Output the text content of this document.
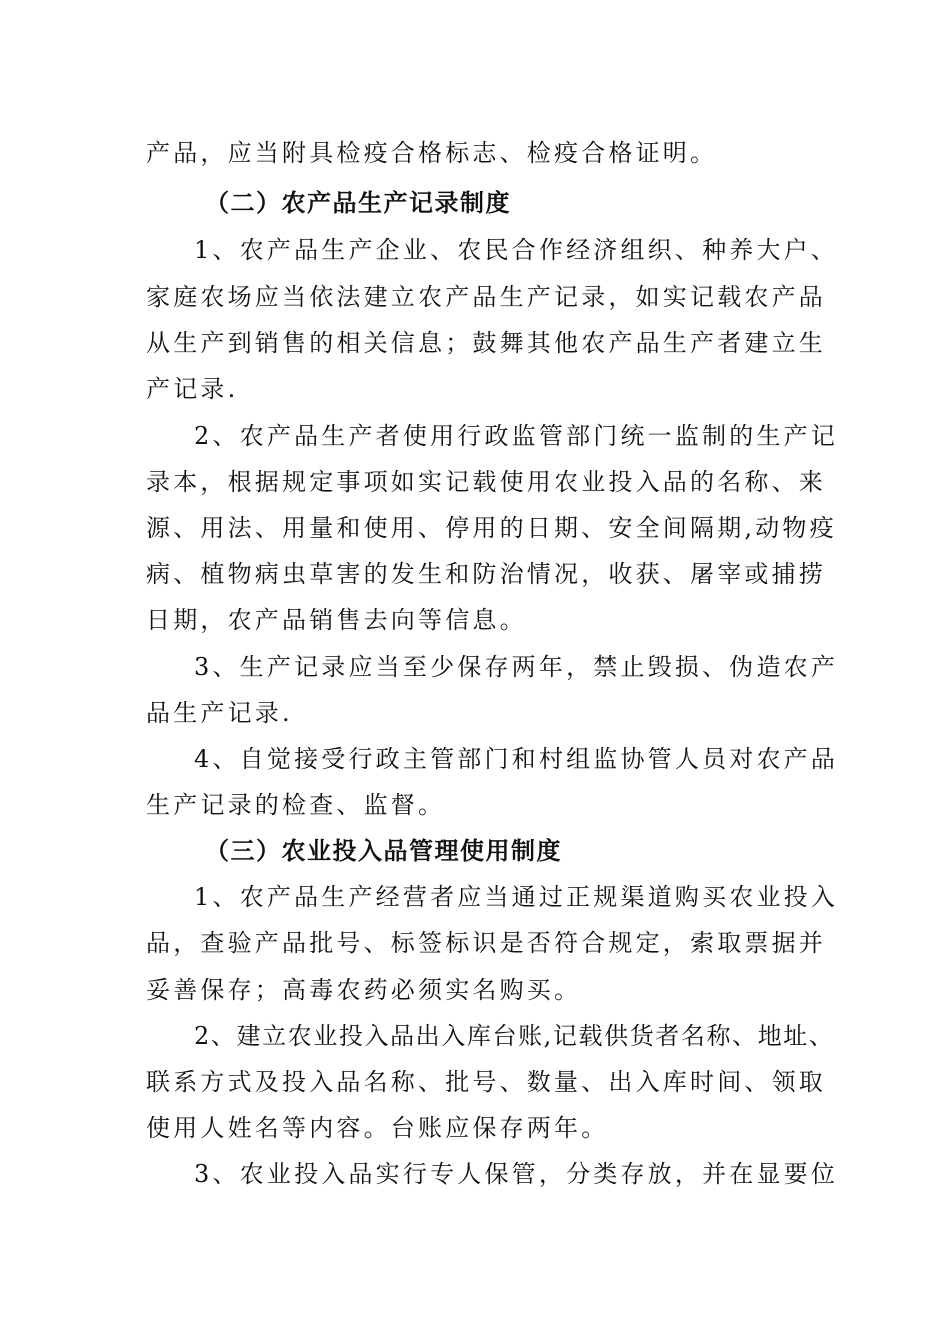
产品，应当附具检疫合格标志、检疫合格证明。
（二）农产品生产记录制度
1、农产品生产企业、农民合作经济组织、种养大户、
家庭农场应当依法建立农产品生产记录，如实记载农产品
从生产到销售的相关信息；鼓舞其他农产品生产者建立生
产记录.
2、农产品生产者使用行政监管部门统一监制的生产记
录本，根据规定事项如实记载使用农业投入品的名称、来
源、用法、用量和使用、停用的日期、安全间隔期,动物疫
病、植物病虫草害的发生和防治情况，收获、屠宰或捕捞
日期，农产品销售去向等信息。
3、生产记录应当至少保存两年，禁止毁损、伪造农产
品生产记录.
4、自觉接受行政主管部门和村组监协管人员对农产品
生产记录的检查、监督。
（三）农业投入品管理使用制度
1、农产品生产经营者应当通过正规渠道购买农业投入
品，查验产品批号、标签标识是否符合规定，索取票据并
妥善保存；高毒农药必须实名购买。
2、建立农业投入品出入库台账,记载供货者名称、地址、
联系方式及投入品名称、批号、数量、出入库时间、领取
使用人姓名等内容。台账应保存两年。
3、农业投入品实行专人保管，分类存放，并在显要位
